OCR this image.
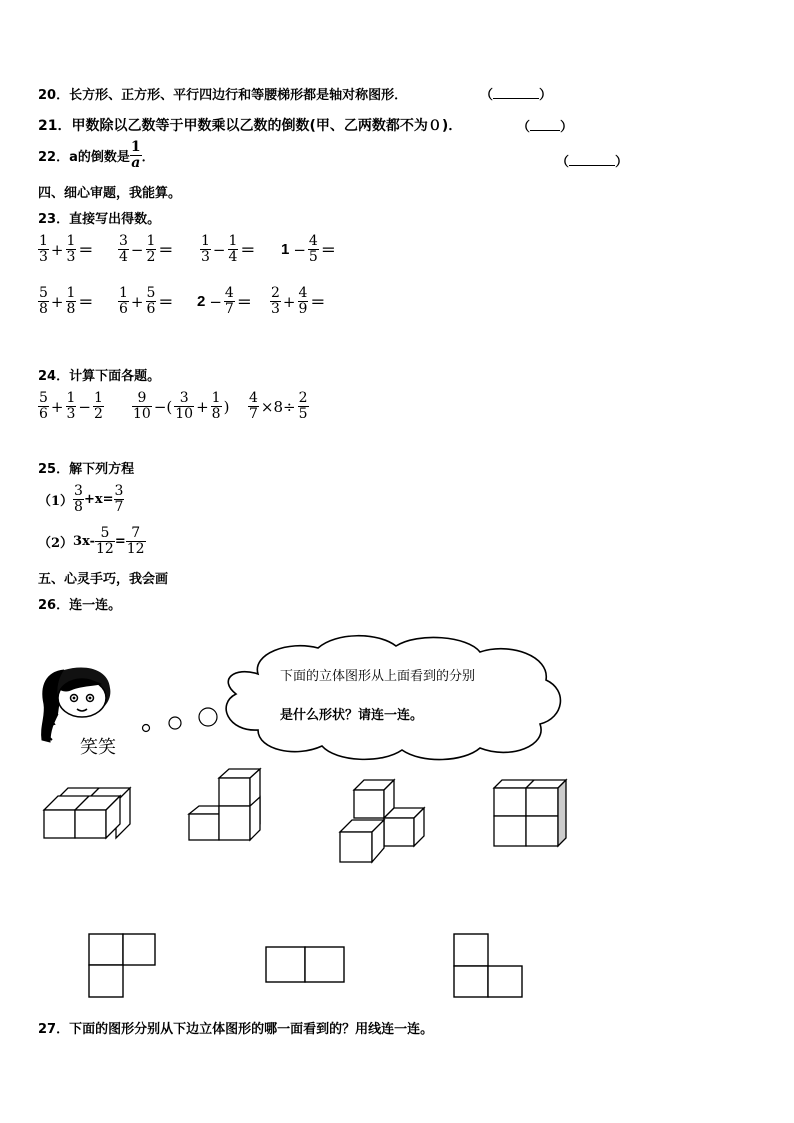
20．长方形、正方形、平行四边行和等腰梯形都是轴对称图形．	（	）
21．甲数除以乙数等于甲数乘以乙数的倒数(甲、乙两数都不为０)．	（ ）
22．a的倒数是 $\frac{1}{a}$ ．	（	）
四、细心审题，我能算。
23．直接写出得数。
$\frac{1}{3} + \frac{1}{3} = \frac{3}{4} - \frac{1}{2} = \frac{1}{3} - \frac{1}{4} = 1 - \frac{4}{5}$ ＝
$\frac{5}{8} + \frac{1}{8} = \frac{1}{6} + \frac{5}{6} = 2 - \frac{4}{7} = \frac{2}{3} + \frac{4}{9}$ ＝
24．计算下面各题。
$\frac{5}{6} + \frac{1}{3} - \frac{1}{2} \frac{9}{10}$ −( $\frac{3}{10} + \frac{1}{8}$ ) $\frac{4}{7} \times 8\div \frac{2}{5}$
25．解下列方程
$(1) \frac{3}{8} +x= \frac{3}{7}$
（2） $3x- \frac{5}{12} = \frac{7}{12}$
五、心灵手巧，我会画
26．连一连。
笑笑
下面的立体图形从上面看到的分别
是什么形状？请连一连。
27．下面的图形分别从下边立体图形的哪一面看到的？用线连一连。
